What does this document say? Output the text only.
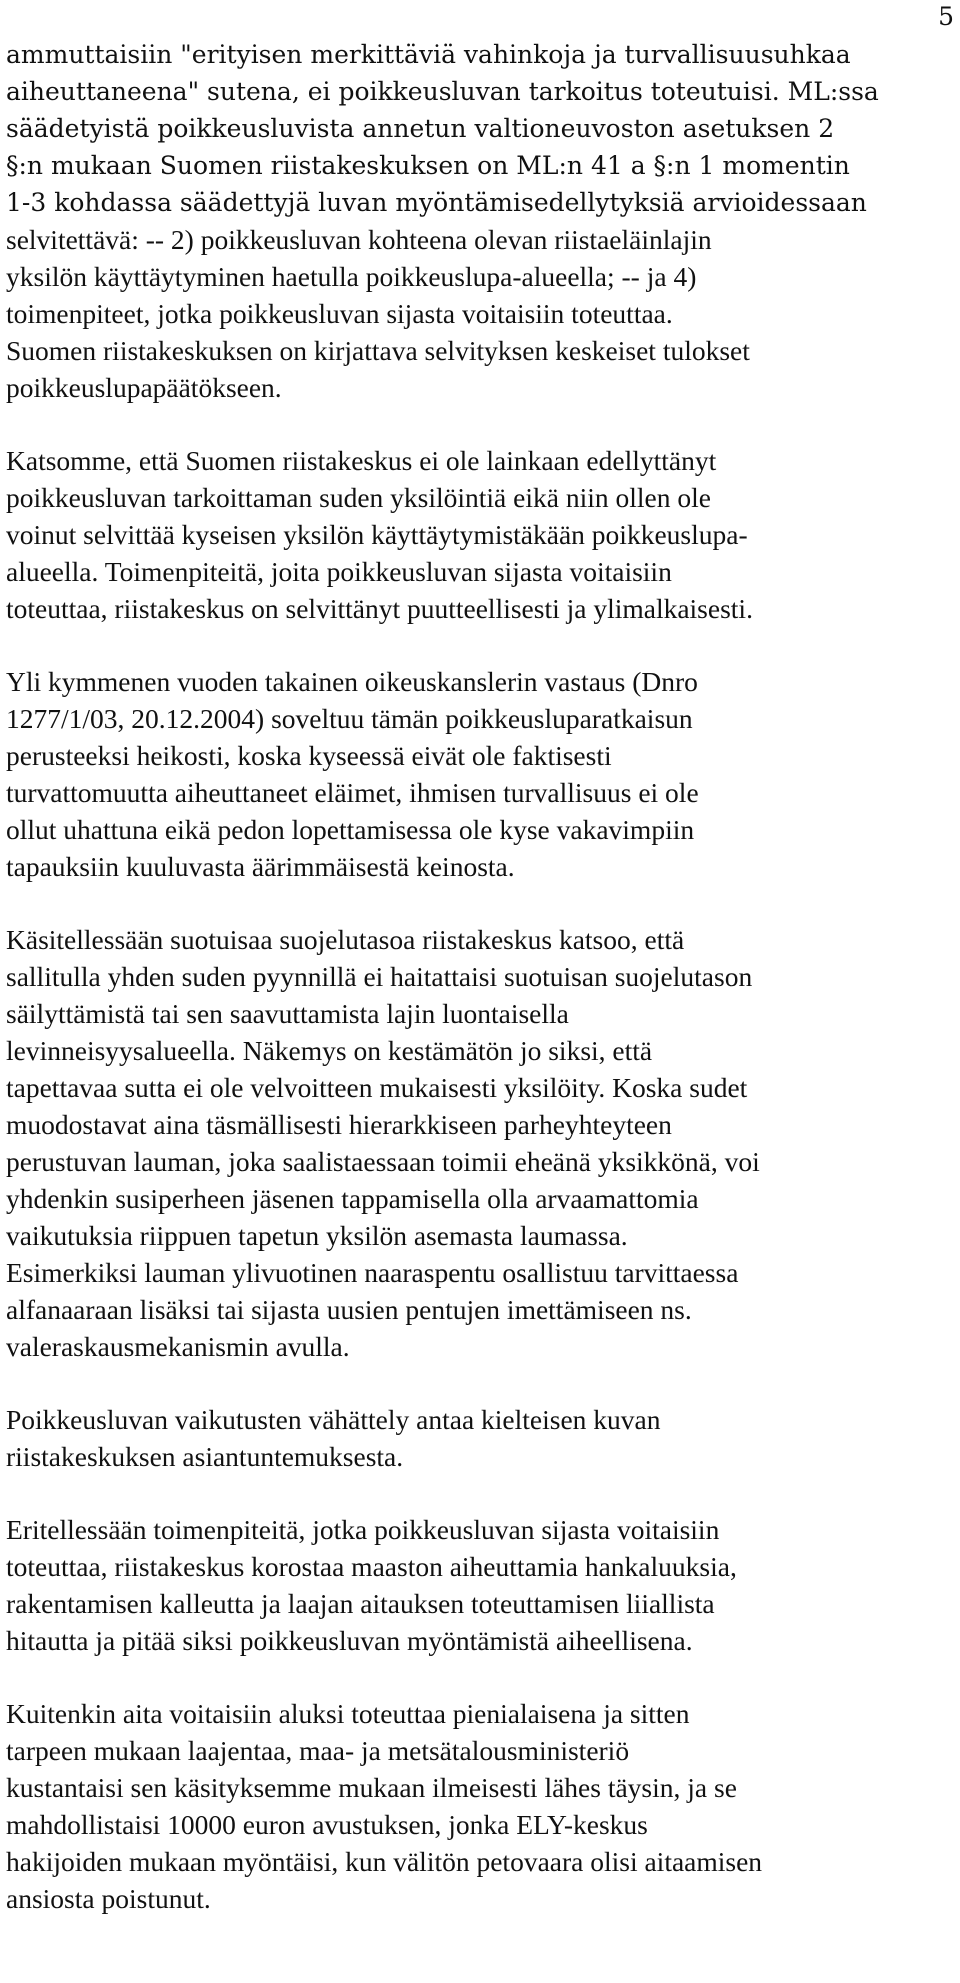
5
ammuttaisiin "erityisen merkittäviä vahinkoja ja turvallisuusuhkaa
aiheuttaneena" sutena, ei poikkeusluvan tarkoitus toteutuisi. ML:ssa
säädetyistä poikkeusluvista annetun valtioneuvoston asetuksen 2
§:n mukaan Suomen riistakeskuksen on ML:n 41 a §:n 1 momentin
1-3 kohdassa säädettyjä luvan myöntämisedellytyksiä arvioidessaan
selvitettävä: -- 2) poikkeusluvan kohteena olevan riistaeläinlajin
yksilön käyttäytyminen haetulla poikkeuslupa-alueella; -- ja 4)
toimenpiteet, jotka poikkeusluvan sijasta voitaisiin toteuttaa.
Suomen riistakeskuksen on kirjattava selvityksen keskeiset tulokset
poikkeuslupapäätökseen.
Katsomme, että Suomen riistakeskus ei ole lainkaan edellyttänyt
poikkeusluvan tarkoittaman suden yksilöintiä eikä niin ollen ole
voinut selvittää kyseisen yksilön käyttäytymistäkään poikkeuslupa-
alueella. Toimenpiteitä, joita poikkeusluvan sijasta voitaisiin
toteuttaa, riistakeskus on selvittänyt puutteellisesti ja ylimalkaisesti.
Yli kymmenen vuoden takainen oikeuskanslerin vastaus (Dnro
1277/1/03, 20.12.2004) soveltuu tämän poikkeusluparatkaisun
perusteeksi heikosti, koska kyseessä eivät ole faktisesti
turvattomuutta aiheuttaneet eläimet, ihmisen turvallisuus ei ole
ollut uhattuna eikä pedon lopettamisessa ole kyse vakavimpiin
tapauksiin kuuluvasta äärimmäisestä keinosta.
Käsitellessään suotuisaa suojelutasoa riistakeskus katsoo, että
sallitulla yhden suden pyynnillä ei haitattaisi suotuisan suojelutason
säilyttämistä tai sen saavuttamista lajin luontaisella
levinneisyysalueella. Näkemys on kestämätön jo siksi, että
tapettavaa sutta ei ole velvoitteen mukaisesti yksilöity. Koska sudet
muodostavat aina täsmällisesti hierarkkiseen parheyhteyteen
perustuvan lauman, joka saalistaessaan toimii eheänä yksikkönä, voi
yhdenkin susiperheen jäsenen tappamisella olla arvaamattomia
vaikutuksia riippuen tapetun yksilön asemasta laumassa.
Esimerkiksi lauman ylivuotinen naaraspentu osallistuu tarvittaessa
alfanaaraan lisäksi tai sijasta uusien pentujen imettämiseen ns.
valeraskausmekanismin avulla.
Poikkeusluvan vaikutusten vähättely antaa kielteisen kuvan
riistakeskuksen asiantuntemuksesta.
Eritellessään toimenpiteitä, jotka poikkeusluvan sijasta voitaisiin
toteuttaa, riistakeskus korostaa maaston aiheuttamia hankaluuksia,
rakentamisen kalleutta ja laajan aitauksen toteuttamisen liiallista
hitautta ja pitää siksi poikkeusluvan myöntämistä aiheellisena.
Kuitenkin aita voitaisiin aluksi toteuttaa pienialaisena ja sitten
tarpeen mukaan laajentaa, maa- ja metsätalousministeriö
kustantaisi sen käsityksemme mukaan ilmeisesti lähes täysin, ja se
mahdollistaisi 10000 euron avustuksen, jonka ELY-keskus
hakijoiden mukaan myöntäisi, kun välitön petovaara olisi aitaamisen
ansiosta poistunut.
